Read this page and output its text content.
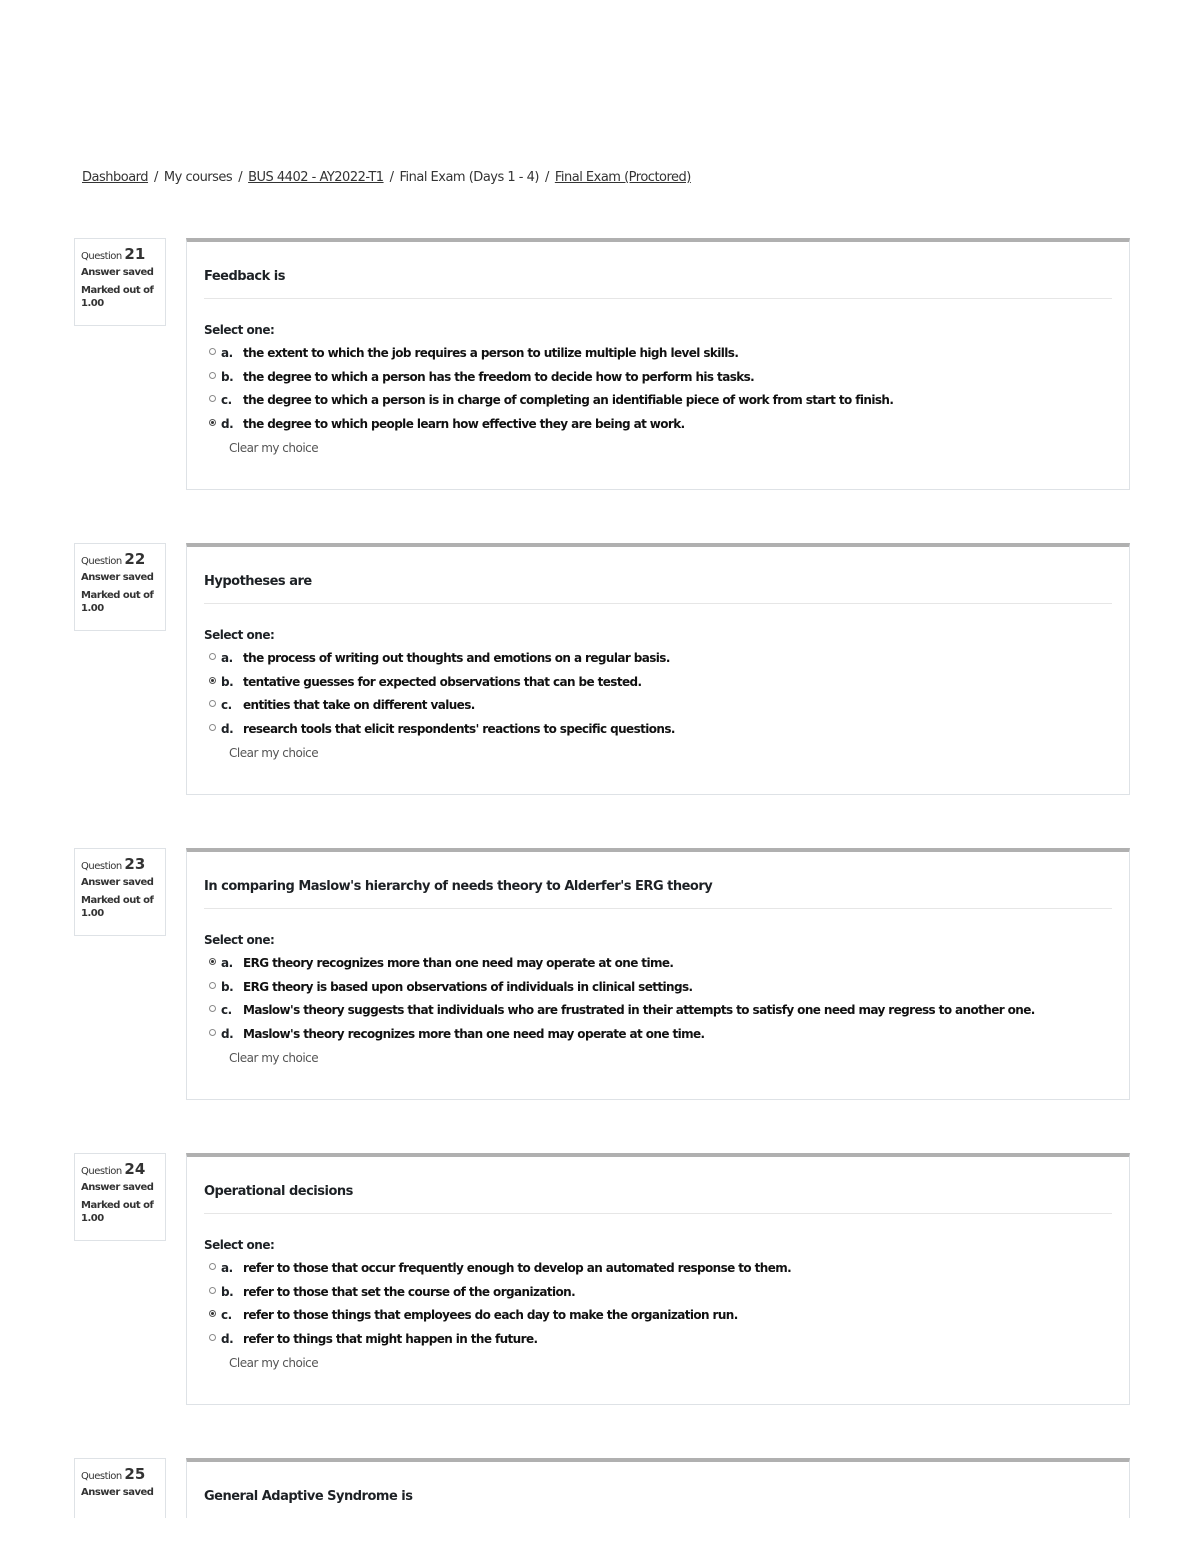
Dashboard / My courses / BUS 4402 - AY2022-T1 / Final Exam (Days 1 - 4) / Final Exam (Proctored)
Question 21
Answer saved
Marked out of 1.00
Feedback is
Select one:
a. the extent to which the job requires a person to utilize multiple high level skills.
b. the degree to which a person has the freedom to decide how to perform his tasks.
c. the degree to which a person is in charge of completing an identifiable piece of work from start to finish.
d. the degree to which people learn how effective they are being at work.
Clear my choice
Question 22
Answer saved
Marked out of 1.00
Hypotheses are
Select one:
a. the process of writing out thoughts and emotions on a regular basis.
b. tentative guesses for expected observations that can be tested.
c. entities that take on different values.
d. research tools that elicit respondents' reactions to specific questions.
Clear my choice
Question 23
Answer saved
Marked out of 1.00
In comparing Maslow's hierarchy of needs theory to Alderfer's ERG theory
Select one:
a. ERG theory recognizes more than one need may operate at one time.
b. ERG theory is based upon observations of individuals in clinical settings.
c. Maslow's theory suggests that individuals who are frustrated in their attempts to satisfy one need may regress to another one.
d. Maslow's theory recognizes more than one need may operate at one time.
Clear my choice
Question 24
Answer saved
Marked out of 1.00
Operational decisions
Select one:
a. refer to those that occur frequently enough to develop an automated response to them.
b. refer to those that set the course of the organization.
c. refer to those things that employees do each day to make the organization run.
d. refer to things that might happen in the future.
Clear my choice
Question 25
Answer saved	General Adaptive Syndrome is
